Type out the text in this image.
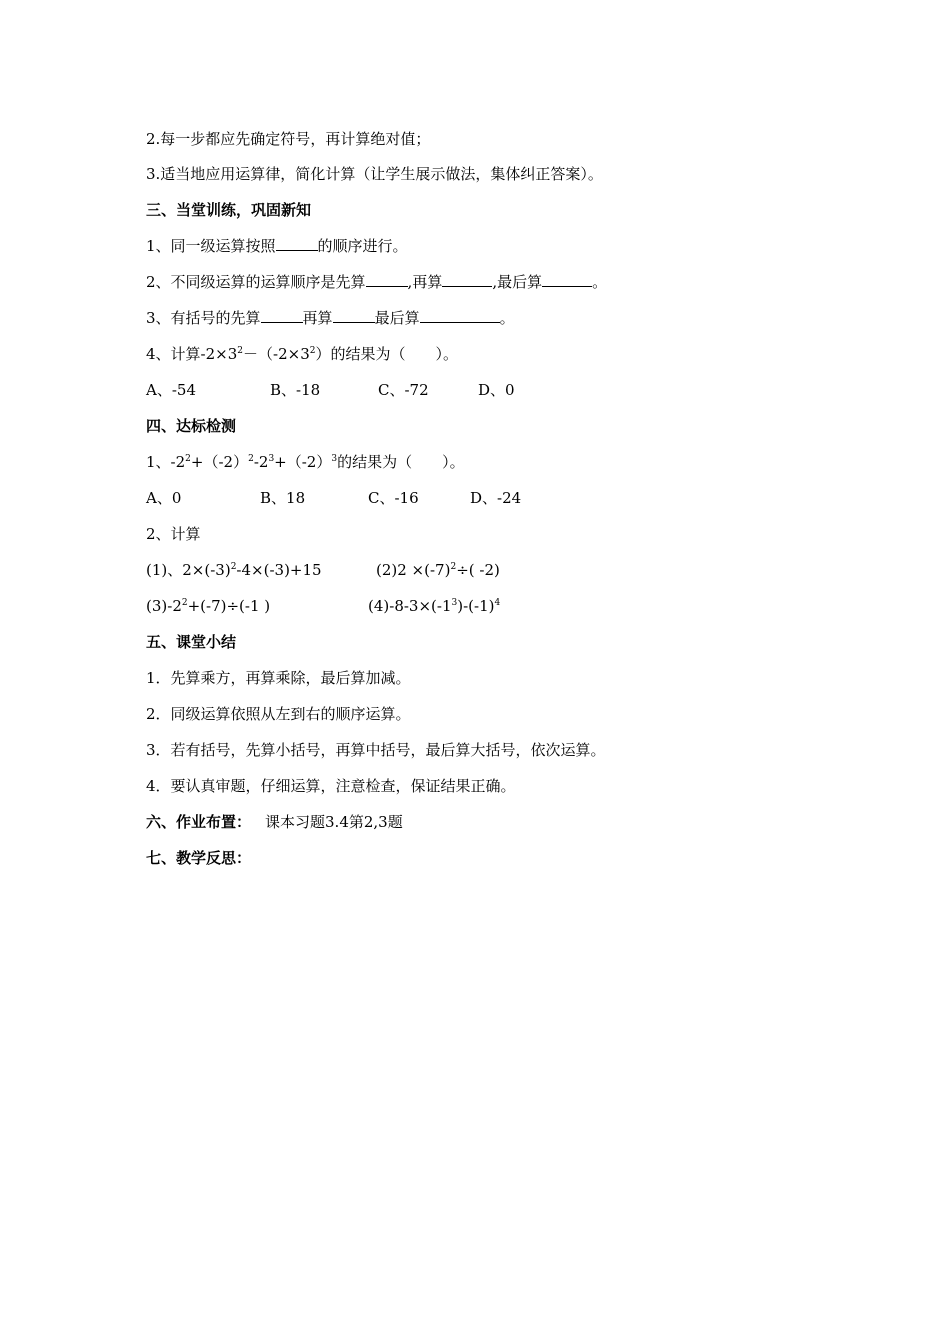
2.每一步都应先确定符号，再计算绝对值；
3.适当地应用运算律，简化计算（让学生展示做法，集体纠正答案）。
三、当堂训练，巩固新知
1、同一级运算按照	的顺序进行。
2、不同级运算的运算顺序是先算	,再算	,最后算	。
3、有括号的先算	再算	最后算	。
4、计算$-2\times 3^2-(-2\times 3^2)$的结果为（　　）。
A、-54	B、-18	C、-72	D、0
四、达标检测
1、$-2^2+(-2)^2-2^3+(-2)^3$的结果为（　　）。
A、0	B、18	C、-16	D、-24
2、计算
(1)、$2\times(-3)^2-4\times(-3)+15$	$(2)2 \times(-7)^2\div$( -2)
$(3)-2^2+(-7)\div(-1$ )	$(4)-8-3\times(-1^3)-(-1)^4$
五、课堂小结
1．先算乘方，再算乘除，最后算加减。
2．同级运算依照从左到右的顺序运算。
3．若有括号，先算小括号，再算中括号，最后算大括号，依次运算。
4．要认真审题，仔细运算，注意检查，保证结果正确。
六、作业布置： 课本习题3.4第2,3题
七、教学反思：
